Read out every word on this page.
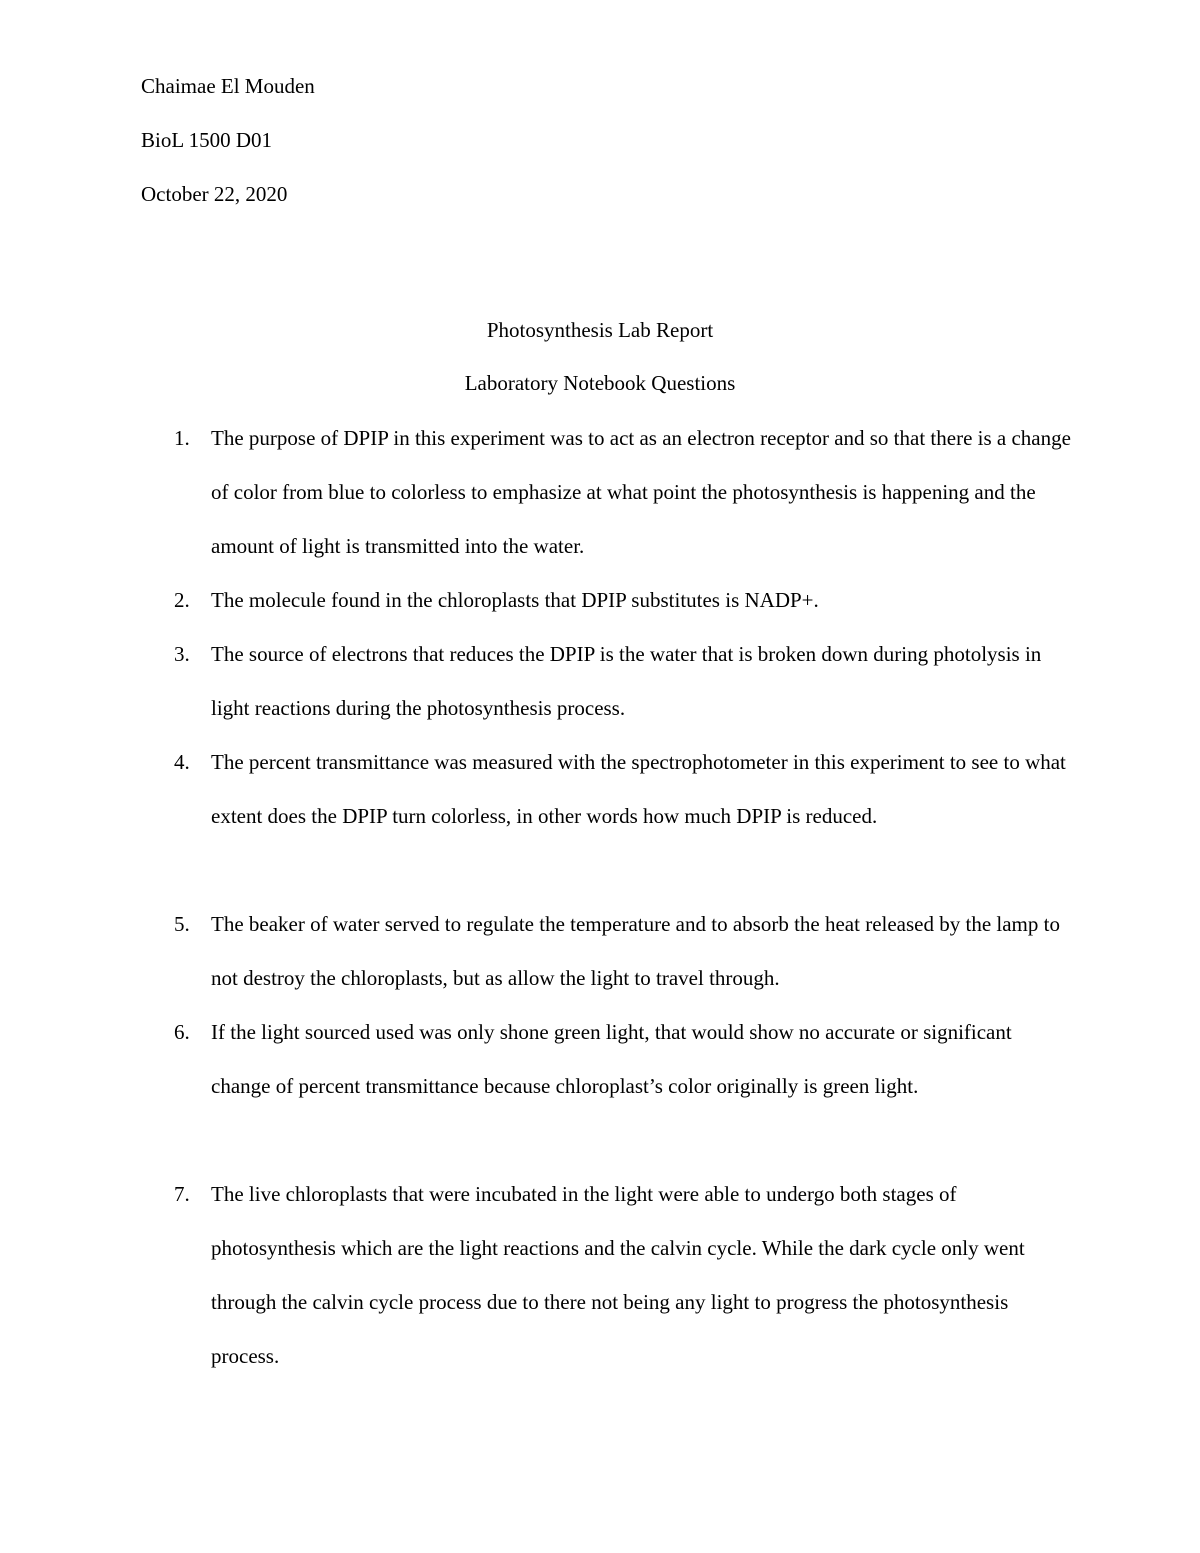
Chaimae El Mouden
BioL 1500 D01
October 22, 2020
Photosynthesis Lab Report
Laboratory Notebook Questions
1. The purpose of DPIP in this experiment was to act as an electron receptor and so that there is a change of color from blue to colorless to emphasize at what point the photosynthesis is happening and the amount of light is transmitted into the water.
2. The molecule found in the chloroplasts that DPIP substitutes is NADP+.
3. The source of electrons that reduces the DPIP is the water that is broken down during photolysis in light reactions during the photosynthesis process.
4. The percent transmittance was measured with the spectrophotometer in this experiment to see to what extent does the DPIP turn colorless, in other words how much DPIP is reduced.
5. The beaker of water served to regulate the temperature and to absorb the heat released by the lamp to not destroy the chloroplasts, but as allow the light to travel through.
6. If the light sourced used was only shone green light, that would show no accurate or significant change of percent transmittance because chloroplast’s color originally is green light.
7. The live chloroplasts that were incubated in the light were able to undergo both stages of photosynthesis which are the light reactions and the calvin cycle. While the dark cycle only went through the calvin cycle process due to there not being any light to progress the photosynthesis process.
